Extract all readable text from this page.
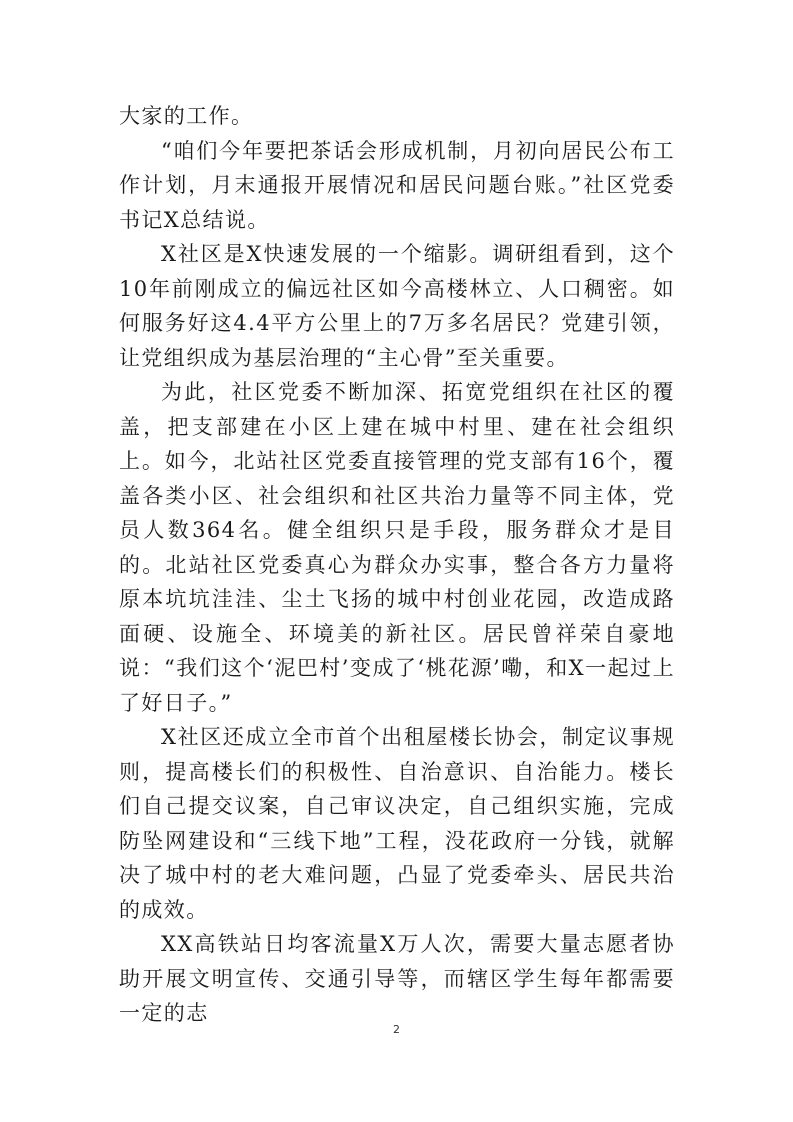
大家的工作。

“咱们今年要把茶话会形成机制，月初向居民公布工作计划，月末通报开展情况和居民问题台账。”社区党委书记X总结说。

X社区是X快速发展的一个缩影。调研组看到，这个10年前刚成立的偏远社区如今高楼林立、人口稠密。如何服务好这4.4平方公里上的7万多名居民？党建引领，让党组织成为基层治理的“主心骨”至关重要。

为此，社区党委不断加深、拓宽党组织在社区的覆盖，把支部建在小区上建在城中村里、建在社会组织上。如今，北站社区党委直接管理的党支部有16个，覆盖各类小区、社会组织和社区共治力量等不同主体，党员人数364名。健全组织只是手段，服务群众才是目的。北站社区党委真心为群众办实事，整合各方力量将原本坑坑洼洼、尘土飞扬的城中村创业花园，改造成路面硬、设施全、环境美的新社区。居民曾祥荣自豪地说：“我们这个‘泥巴村’变成了‘桃花源’嘞，和X一起过上了好日子。”

X社区还成立全市首个出租屋楼长协会，制定议事规则，提高楼长们的积极性、自治意识、自治能力。楼长们自己提交议案，自己审议决定，自己组织实施，完成防坠网建设和“三线下地”工程，没花政府一分钱，就解决了城中村的老大难问题，凸显了党委牵头、居民共治的成效。

XX高铁站日均客流量X万人次，需要大量志愿者协助开展文明宣传、交通引导等，而辖区学生每年都需要一定的志

2
